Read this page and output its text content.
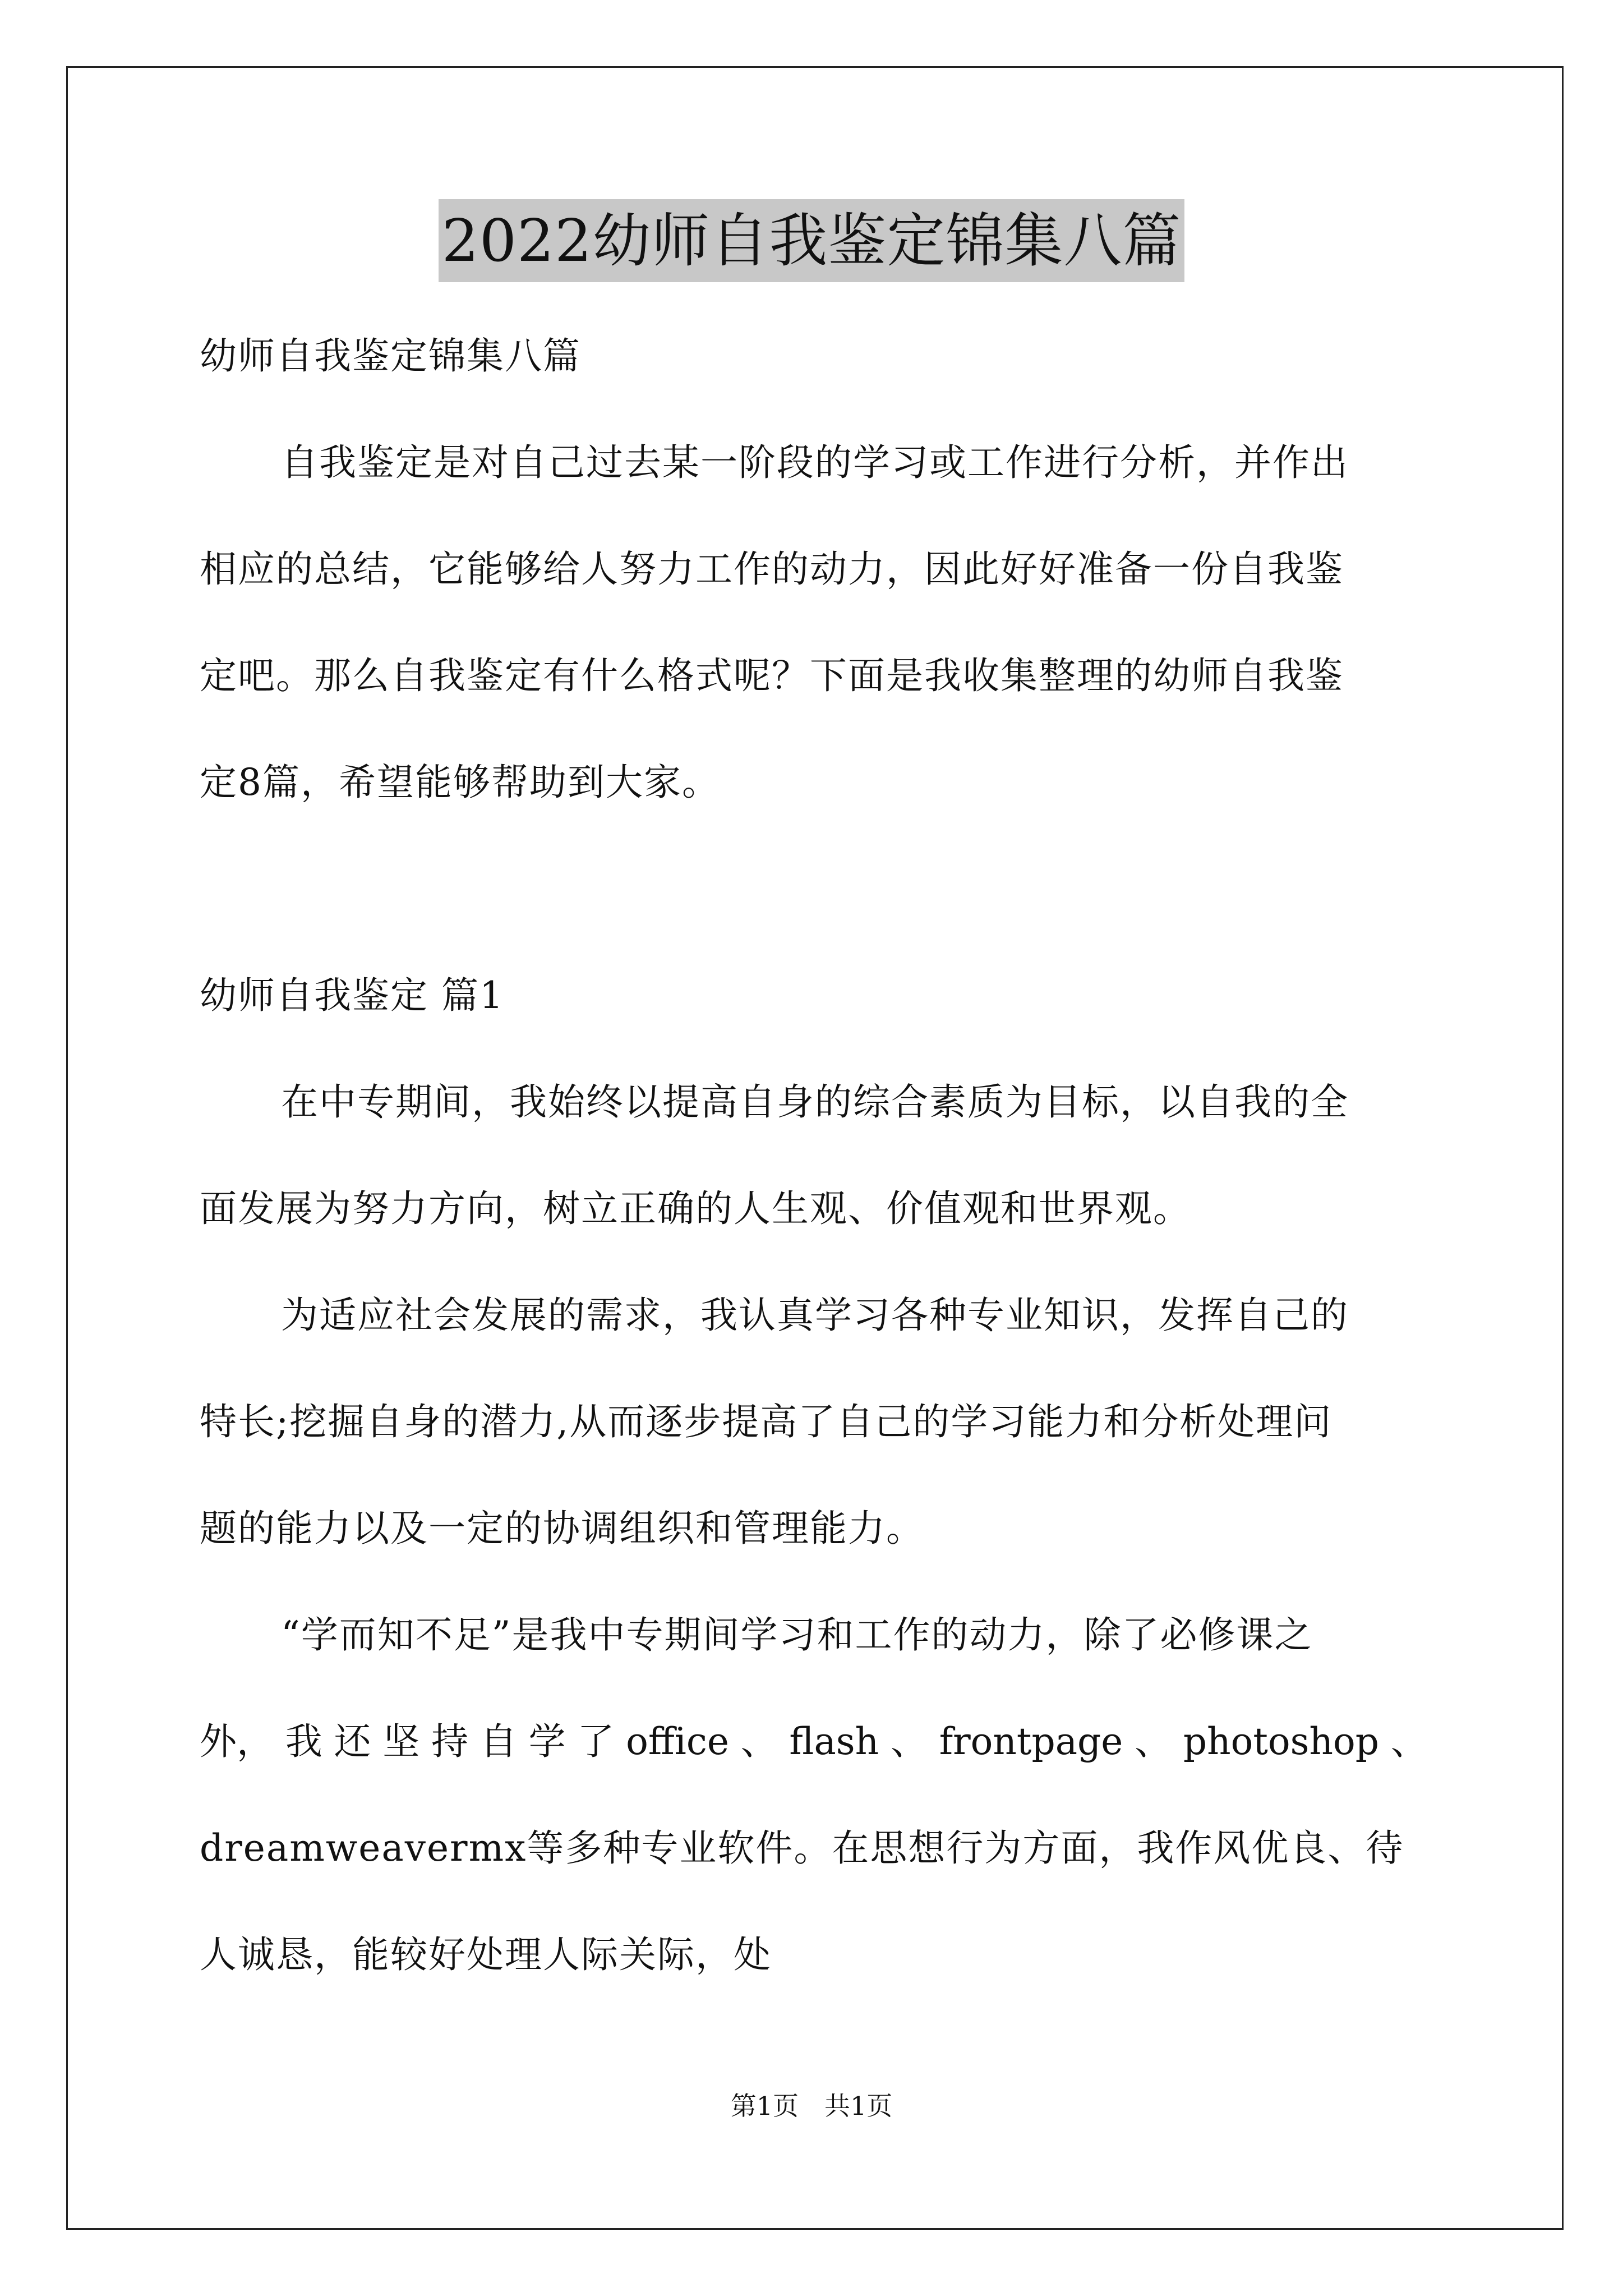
2022幼师自我鉴定锦集八篇
幼师自我鉴定锦集八篇
自我鉴定是对自己过去某一阶段的学习或工作进行分析，并作出
相应的总结，它能够给人努力工作的动力，因此好好准备一份自我鉴
定吧。那么自我鉴定有什么格式呢？下面是我收集整理的幼师自我鉴
定8篇，希望能够帮助到大家。
幼师自我鉴定 篇1
在中专期间，我始终以提高自身的综合素质为目标，以自我的全
面发展为努力方向，树立正确的人生观、价值观和世界观。
为适应社会发展的需求，我认真学习各种专业知识，发挥自己的
特长;挖掘自身的潜力,从而逐步提高了自己的学习能力和分析处理问
题的能力以及一定的协调组织和管理能力。
“学而知不足”是我中专期间学习和工作的动力，除了必修课之
外， 我 还 坚 持 自 学 了 office 、 flash 、 frontpage 、 photoshop 、
dreamweavermx等多种专业软件。在思想行为方面，我作风优良、待
人诚恳，能较好处理人际关际，处
第1页　共1页
